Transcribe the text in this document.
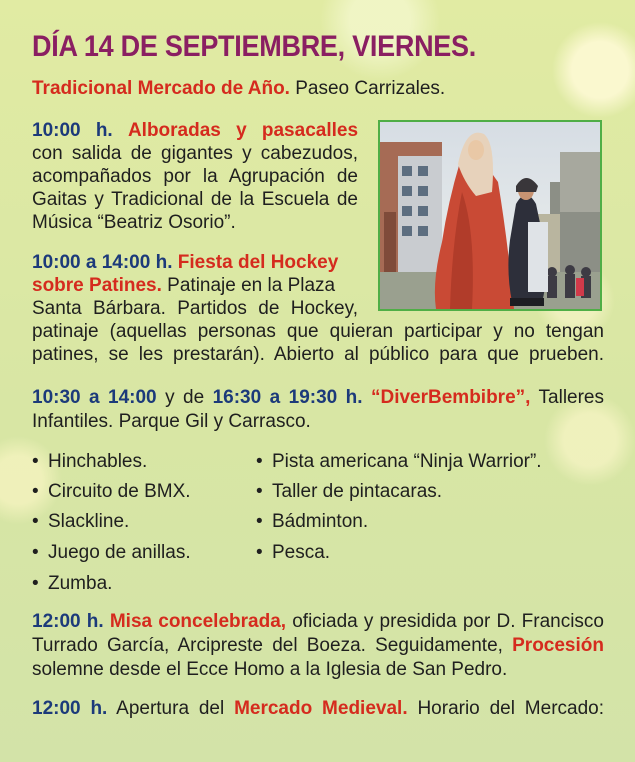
DÍA 14 DE SEPTIEMBRE, VIERNES.
Tradicional Mercado de Año. Paseo Carrizales.
10:00 h. Alboradas y pasacalles
con salida de gigantes y cabezudos,
acompañados por la Agrupación de
Gaitas y Tradicional de la Escuela de
Música “Beatriz Osorio”.
10:00 a 14:00 h. Fiesta del Hockey
sobre Patines. Patinaje en la Plaza
Santa Bárbara. Partidos de Hockey,
patinaje (aquellas personas que quieran participar y no tengan
patines, se les prestarán). Abierto al público para que prueben.
10:30 a 14:00 y de 16:30 a 19:30 h. “DiverBembibre”, Talleres
Infantiles. Parque Gil y Carrasco.
• Hinchables.
• Circuito de BMX.
• Slackline.
• Juego de anillas.
• Zumba.
• Pista americana “Ninja Warrior”.
• Taller de pintacaras.
• Bádminton.
• Pesca.
12:00 h. Misa concelebrada, oficiada y presidida por D. Francisco
Turrado García, Arcipreste del Boeza. Seguidamente, Procesión
solemne desde el Ecce Homo a la Iglesia de San Pedro.
12:00 h. Apertura del Mercado Medieval. Horario del Mercado:
